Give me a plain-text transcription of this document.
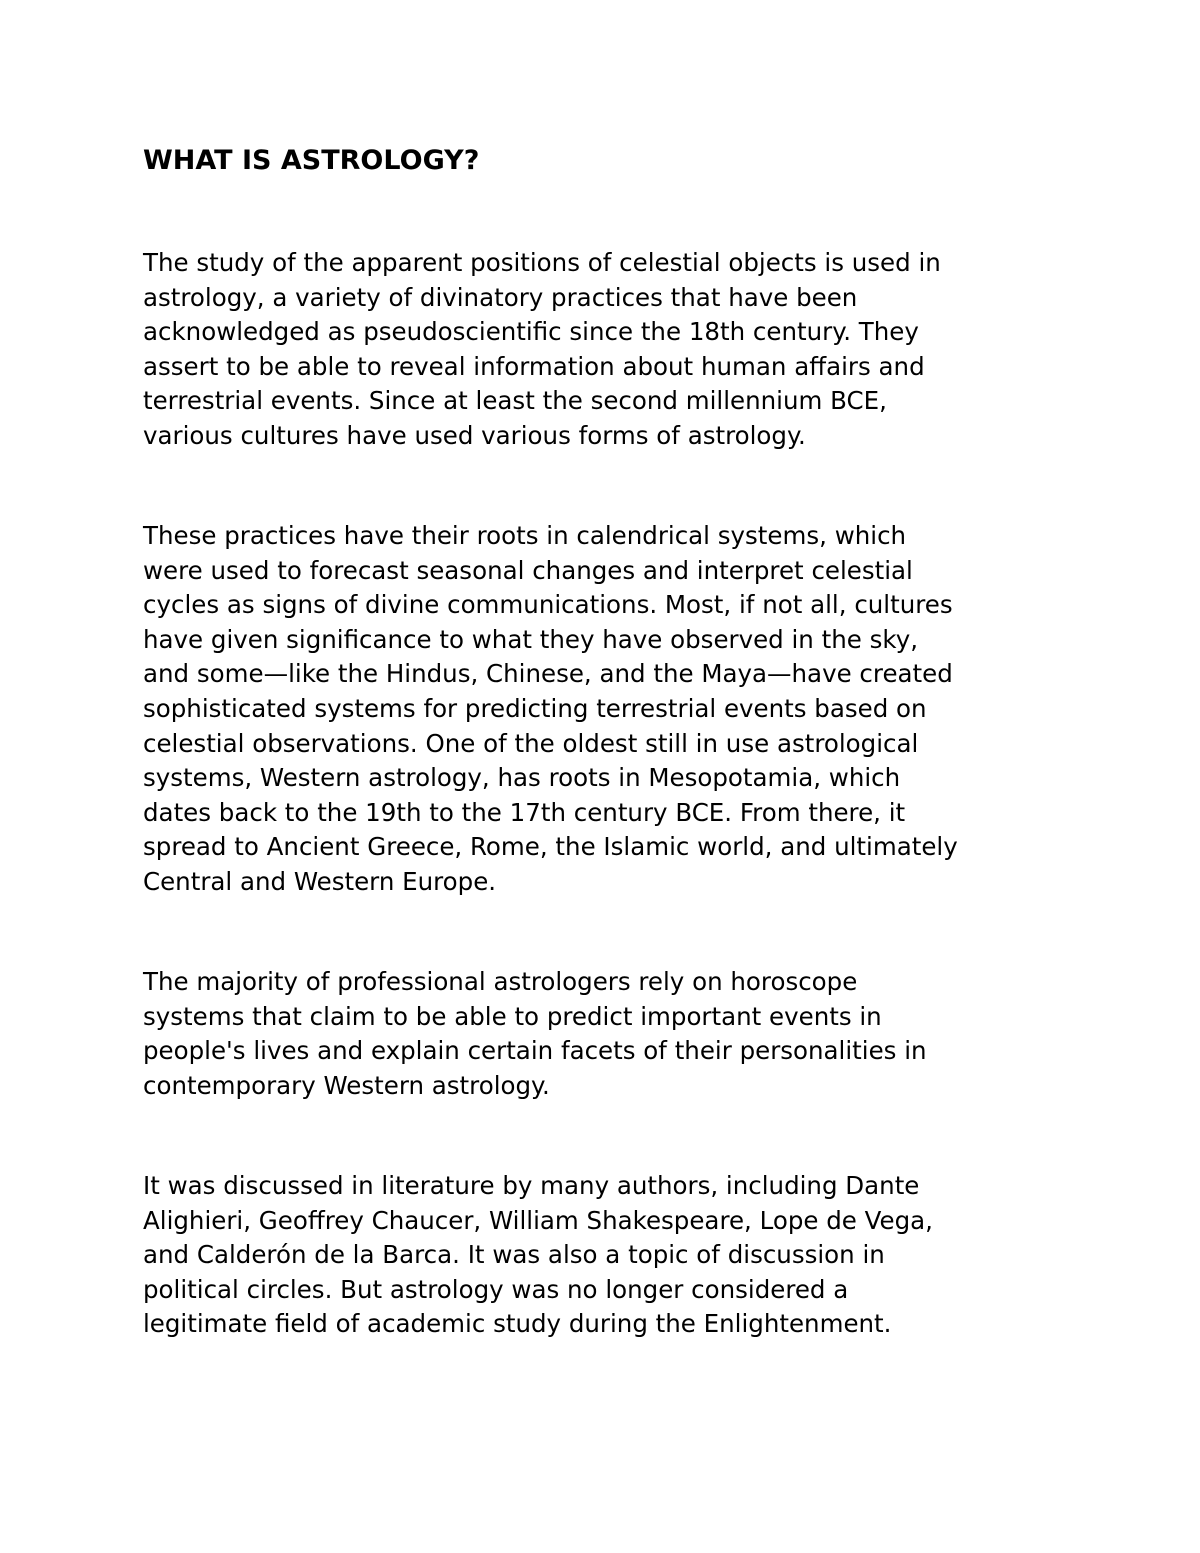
WHAT IS ASTROLOGY?

The study of the apparent positions of celestial objects is used in
astrology, a variety of divinatory practices that have been
acknowledged as pseudoscientific since the 18th century. They
assert to be able to reveal information about human affairs and
terrestrial events. Since at least the second millennium BCE,
various cultures have used various forms of astrology.

These practices have their roots in calendrical systems, which
were used to forecast seasonal changes and interpret celestial
cycles as signs of divine communications. Most, if not all, cultures
have given significance to what they have observed in the sky,
and some—like the Hindus, Chinese, and the Maya—have created
sophisticated systems for predicting terrestrial events based on
celestial observations. One of the oldest still in use astrological
systems, Western astrology, has roots in Mesopotamia, which
dates back to the 19th to the 17th century BCE. From there, it
spread to Ancient Greece, Rome, the Islamic world, and ultimately
Central and Western Europe.

The majority of professional astrologers rely on horoscope
systems that claim to be able to predict important events in
people's lives and explain certain facets of their personalities in
contemporary Western astrology.

It was discussed in literature by many authors, including Dante
Alighieri, Geoffrey Chaucer, William Shakespeare, Lope de Vega,
and Calderón de la Barca. It was also a topic of discussion in
political circles. But astrology was no longer considered a
legitimate field of academic study during the Enlightenment.
